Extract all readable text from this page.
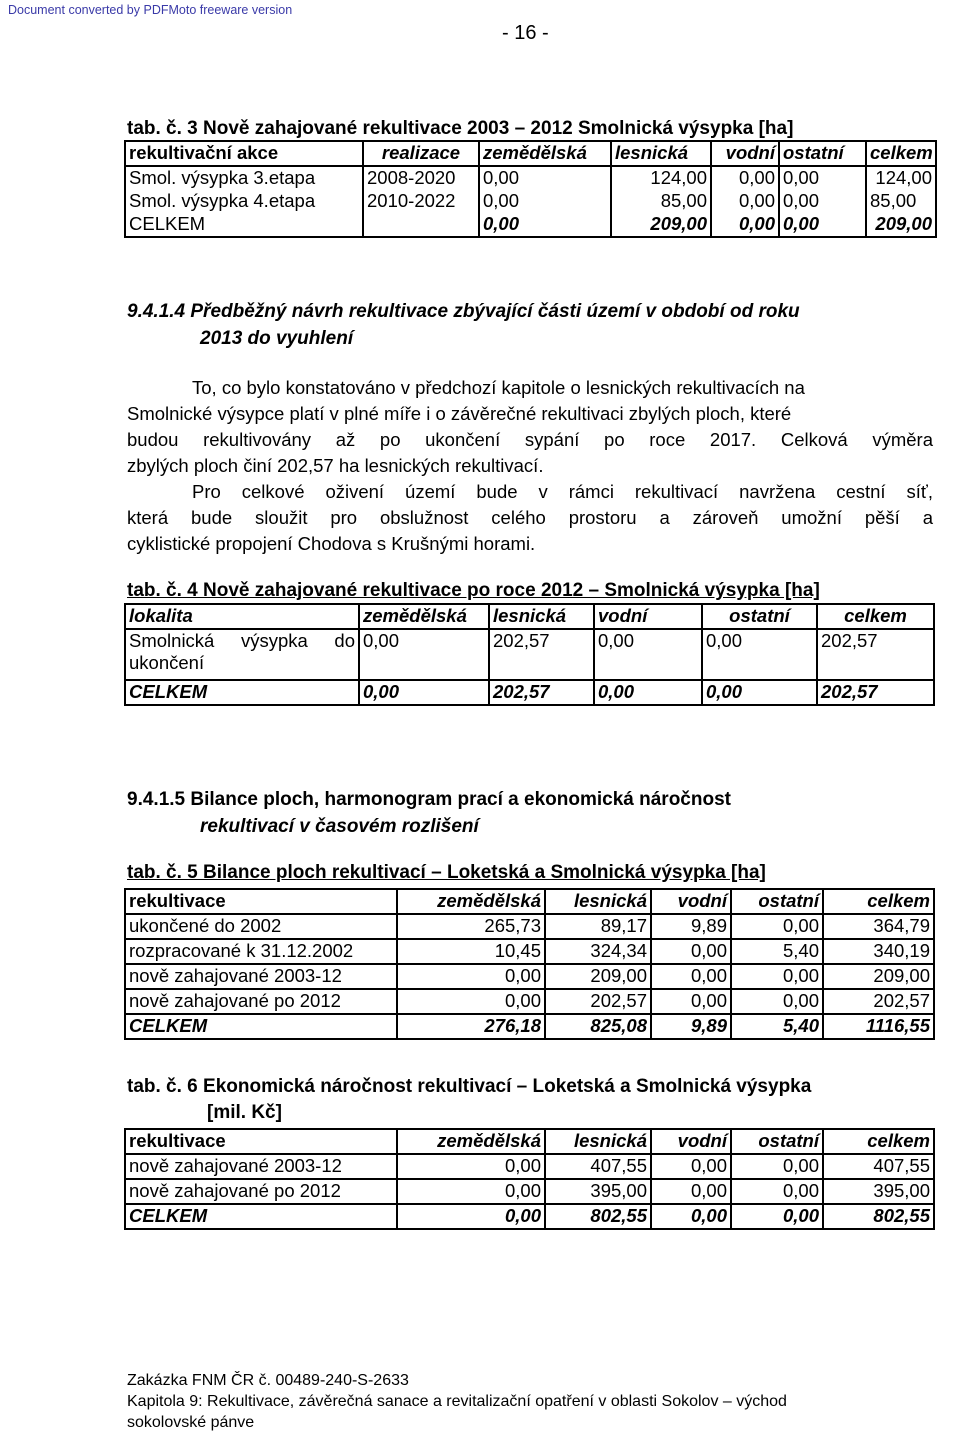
Document converted by PDFMoto freeware version
- 16 -
tab. č. 3 Nově zahajované rekultivace 2003 – 2012 Smolnická výsypka [ha]
rekultivační akce	realizace	zemědělská	lesnická	vodní	ostatní	celkem
Smol. výsypka 3.etapa	2008-2020	0,00	124,00	0,00	0,00	124,00
Smol. výsypka 4.etapa	2010-2022	0,00	85,00	0,00	0,00	85,00
CELKEM		0,00	209,00	0,00	0,00	209,00
9.4.1.4 Předběžný návrh rekultivace zbývající části území v období od roku
2013 do vyuhlení
To, co bylo konstatováno v předchozí kapitole o lesnických rekultivacích na
Smolnické výsypce platí v plné míře i o závěrečné rekultivaci zbylých ploch, které
budou rekultivovány až po ukončení sypání po roce 2017. Celková výměra
zbylých ploch činí 202,57 ha lesnických rekultivací.
Pro celkové oživení území bude v rámci rekultivací navržena cestní síť,
která bude sloužit pro obslužnost celého prostoru a zároveň umožní pěší a
cyklistické propojení Chodova s Krušnými horami.
tab. č. 4 Nově zahajované rekultivace po roce 2012 – Smolnická výsypka [ha]
lokalita	zemědělská	lesnická	vodní	ostatní	celkem

Smolnická výsypka do
ukončení	0,00	202,57	0,00	0,00	202,57
CELKEM	0,00	202,57	0,00	0,00	202,57
9.4.1.5 Bilance ploch, harmonogram prací a ekonomická náročnost
rekultivací v časovém rozlišení
tab. č. 5 Bilance ploch rekultivací – Loketská a Smolnická výsypka [ha]
rekultivace	zemědělská	lesnická	vodní	ostatní	celkem
ukončené do 2002	265,73	89,17	9,89	0,00	364,79
rozpracované k 31.12.2002	10,45	324,34	0,00	5,40	340,19
nově zahajované 2003-12	0,00	209,00	0,00	0,00	209,00
nově zahajované po 2012	0,00	202,57	0,00	0,00	202,57
CELKEM	276,18	825,08	9,89	5,40	1116,55
tab. č. 6 Ekonomická náročnost rekultivací – Loketská a Smolnická výsypka
[mil. Kč]
rekultivace	zemědělská	lesnická	vodní	ostatní	celkem
nově zahajované 2003-12	0,00	407,55	0,00	0,00	407,55
nově zahajované po 2012	0,00	395,00	0,00	0,00	395,00
CELKEM	0,00	802,55	0,00	0,00	802,55
Zakázka FNM ČR č. 00489-240-S-2633
Kapitola 9: Rekultivace, závěrečná sanace a revitalizační opatření v oblasti Sokolov – východ
sokolovské pánve
